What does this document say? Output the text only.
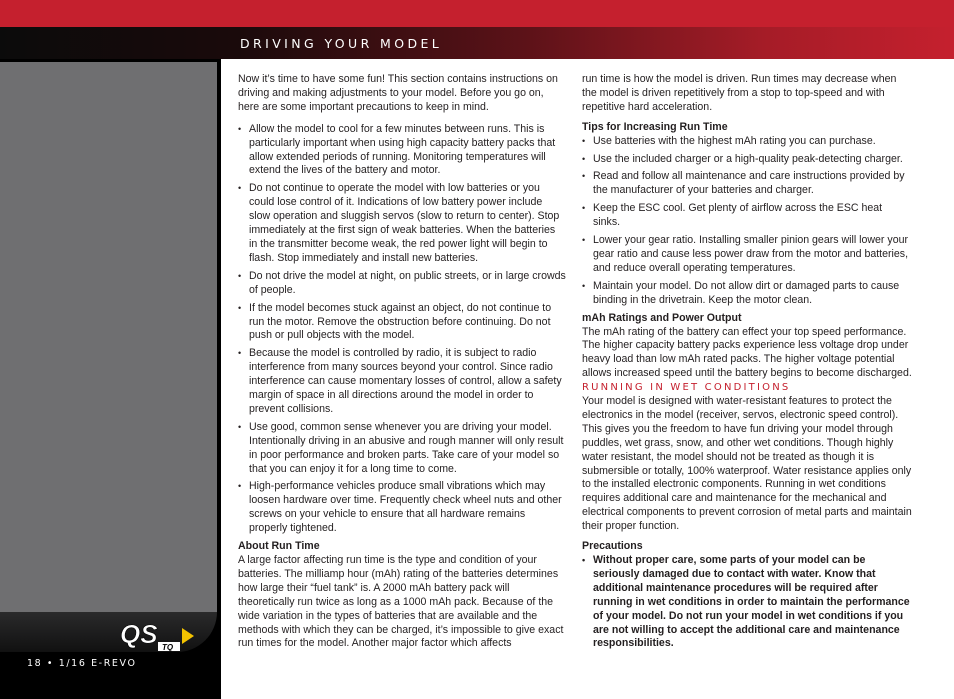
DRIVING YOUR MODEL
QS TQ
18 • 1/16 E-REVO

Now it’s time to have some fun! This section contains instructions on driving and making adjustments to your model. Before you go on, here are some important precautions to keep in mind.

• Allow the model to cool for a few minutes between runs. This is particularly important when using high capacity battery packs that allow extended periods of running. Monitoring temperatures will extend the lives of the battery and motor.
• Do not continue to operate the model with low batteries or you could lose control of it. Indications of low battery power include slow operation and sluggish servos (slow to return to center). Stop immediately at the first sign of weak batteries. When the batteries in the transmitter become weak, the red power light will begin to flash. Stop immediately and install new batteries.
• Do not drive the model at night, on public streets, or in large crowds of people.
• If the model becomes stuck against an object, do not continue to run the motor. Remove the obstruction before continuing. Do not push or pull objects with the model.
• Because the model is controlled by radio, it is subject to radio interference from many sources beyond your control. Since radio interference can cause momentary losses of control, allow a safety margin of space in all directions around the model in order to prevent collisions.
• Use good, common sense whenever you are driving your model. Intentionally driving in an abusive and rough manner will only result in poor performance and broken parts. Take care of your model so that you can enjoy it for a long time to come.
• High-performance vehicles produce small vibrations which may loosen hardware over time. Frequently check wheel nuts and other screws on your vehicle to ensure that all hardware remains properly tightened.

About Run Time

A large factor affecting run time is the type and condition of your batteries. The milliamp hour (mAh) rating of the batteries determines how large their “fuel tank” is. A 2000 mAh battery pack will theoretically run twice as long as a 1000 mAh pack. Because of the wide variation in the types of batteries that are available and the methods with which they can be charged, it’s impossible to give exact run times for the model. Another major factor which affects

run time is how the model is driven. Run times may decrease when the model is driven repetitively from a stop to top-speed and with repetitive hard acceleration.

Tips for Increasing Run Time

• Use batteries with the highest mAh rating you can purchase.
• Use the included charger or a high-quality peak-detecting charger.
• Read and follow all maintenance and care instructions provided by the manufacturer of your batteries and charger.
• Keep the ESC cool. Get plenty of airflow across the ESC heat sinks.
• Lower your gear ratio. Installing smaller pinion gears will lower your gear ratio and cause less power draw from the motor and batteries, and reduce overall operating temperatures.
• Maintain your model. Do not allow dirt or damaged parts to cause binding in the drivetrain. Keep the motor clean.

mAh Ratings and Power Output

The mAh rating of the battery can effect your top speed performance. The higher capacity battery packs experience less voltage drop under heavy load than low mAh rated packs. The higher voltage potential allows increased speed until the battery begins to become discharged.

RUNNING IN WET CONDITIONS

Your model is designed with water-resistant features to protect the electronics in the model (receiver, servos, electronic speed control). This gives you the freedom to have fun driving your model through puddles, wet grass, snow, and other wet conditions. Though highly water resistant, the model should not be treated as though it is submersible or totally, 100% waterproof. Water resistance applies only to the installed electronic components. Running in wet conditions requires additional care and maintenance for the mechanical and electrical components to prevent corrosion of metal parts and maintain their proper function.

Precautions

• Without proper care, some parts of your model can be seriously damaged due to contact with water. Know that additional maintenance procedures will be required after running in wet conditions in order to maintain the performance of your model. Do not run your model in wet conditions if you are not willing to accept the additional care and maintenance responsibilities.
